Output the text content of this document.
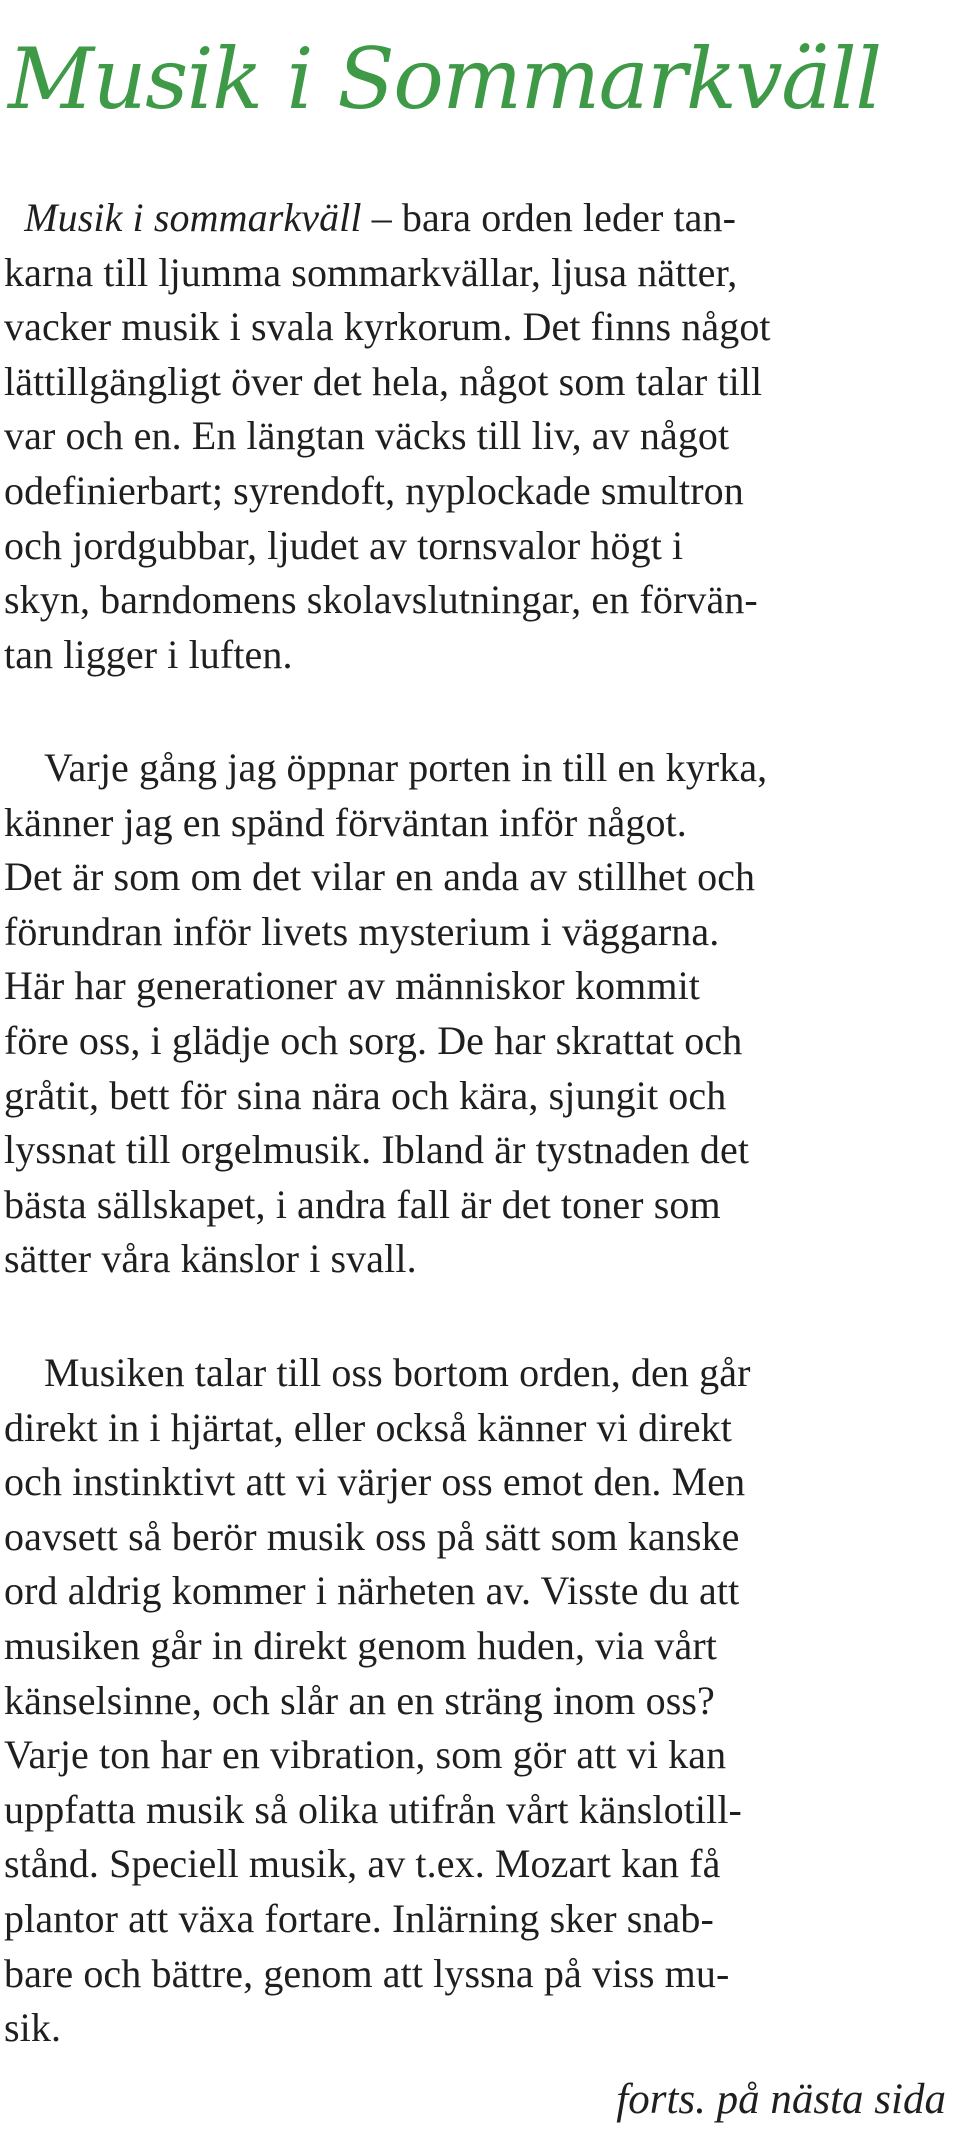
Musik i Sommarkväll

Musik i sommarkväll – bara orden leder tan-
karna till ljumma sommarkvällar, ljusa nätter,
vacker musik i svala kyrkorum. Det finns något
lättillgängligt över det hela, något som talar till
var och en. En längtan väcks till liv, av något
odefinierbart; syrendoft, nyplockade smultron
och jordgubbar, ljudet av tornsvalor högt i
skyn, barndomens skolavslutningar, en förvän-
tan ligger i luften.

Varje gång jag öppnar porten in till en kyrka,
känner jag en spänd förväntan inför något.
Det är som om det vilar en anda av stillhet och
förundran inför livets mysterium i väggarna.
Här har generationer av människor kommit
före oss, i glädje och sorg. De har skrattat och
gråtit, bett för sina nära och kära, sjungit och
lyssnat till orgelmusik. Ibland är tystnaden det
bästa sällskapet, i andra fall är det toner som
sätter våra känslor i svall.

Musiken talar till oss bortom orden, den går
direkt in i hjärtat, eller också känner vi direkt
och instinktivt att vi värjer oss emot den. Men
oavsett så berör musik oss på sätt som kanske
ord aldrig kommer i närheten av. Visste du att
musiken går in direkt genom huden, via vårt
känselsinne, och slår an en sträng inom oss?
Varje ton har en vibration, som gör att vi kan
uppfatta musik så olika utifrån vårt känslotill-
stånd. Speciell musik, av t.ex. Mozart kan få
plantor att växa fortare. Inlärning sker snab-
bare och bättre, genom att lyssna på viss mu-
sik.

forts. på nästa sida
